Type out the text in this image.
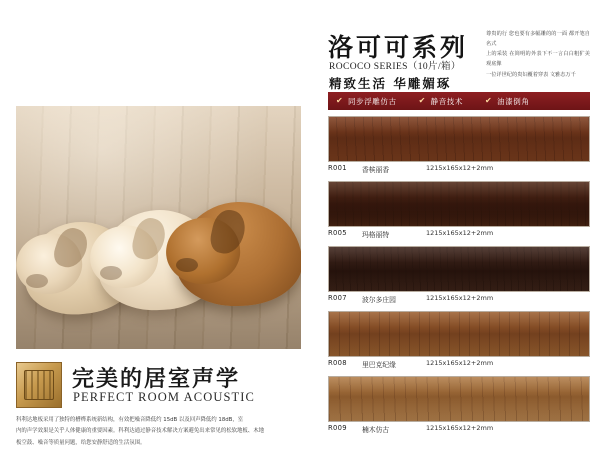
完美的居室声学
PERFECT ROOM ACOUSTIC

科利达地板采用了独特的槽榫系统新结构，有效把噪音降低约 15dB 以及回声降低约 18dB，室

内的声学效果是关乎人体健康的重要因素。科利达通过静音技术解决方案避免出来常见的松软地板、木地

板空鼓、噪音等质量问题，给您安静舒适的生活氛围。

洛可可系列
ROCOCO SERIES（10片/箱）
精致生活 华雕媚琢

尊贵的行 您也要有多幅雕的的一面 都开笔自名式

上的采装 在简明的外表下不一言白白粗犷美观底像

一位详世纪的贵妇覆着穿表 文雅态万千

✔ 同步浮雕仿古	✔ 静音技术	✔ 油漆倒角
R001 香槟丽香	1215x165x12+2mm
R005 玛格丽特	1215x165x12+2mm
R007 波尔多庄园	1215x165x12+2mm
R008 里巴克纪缘	1215x165x12+2mm
R009 楠木仿古	1215x165x12+2mm
